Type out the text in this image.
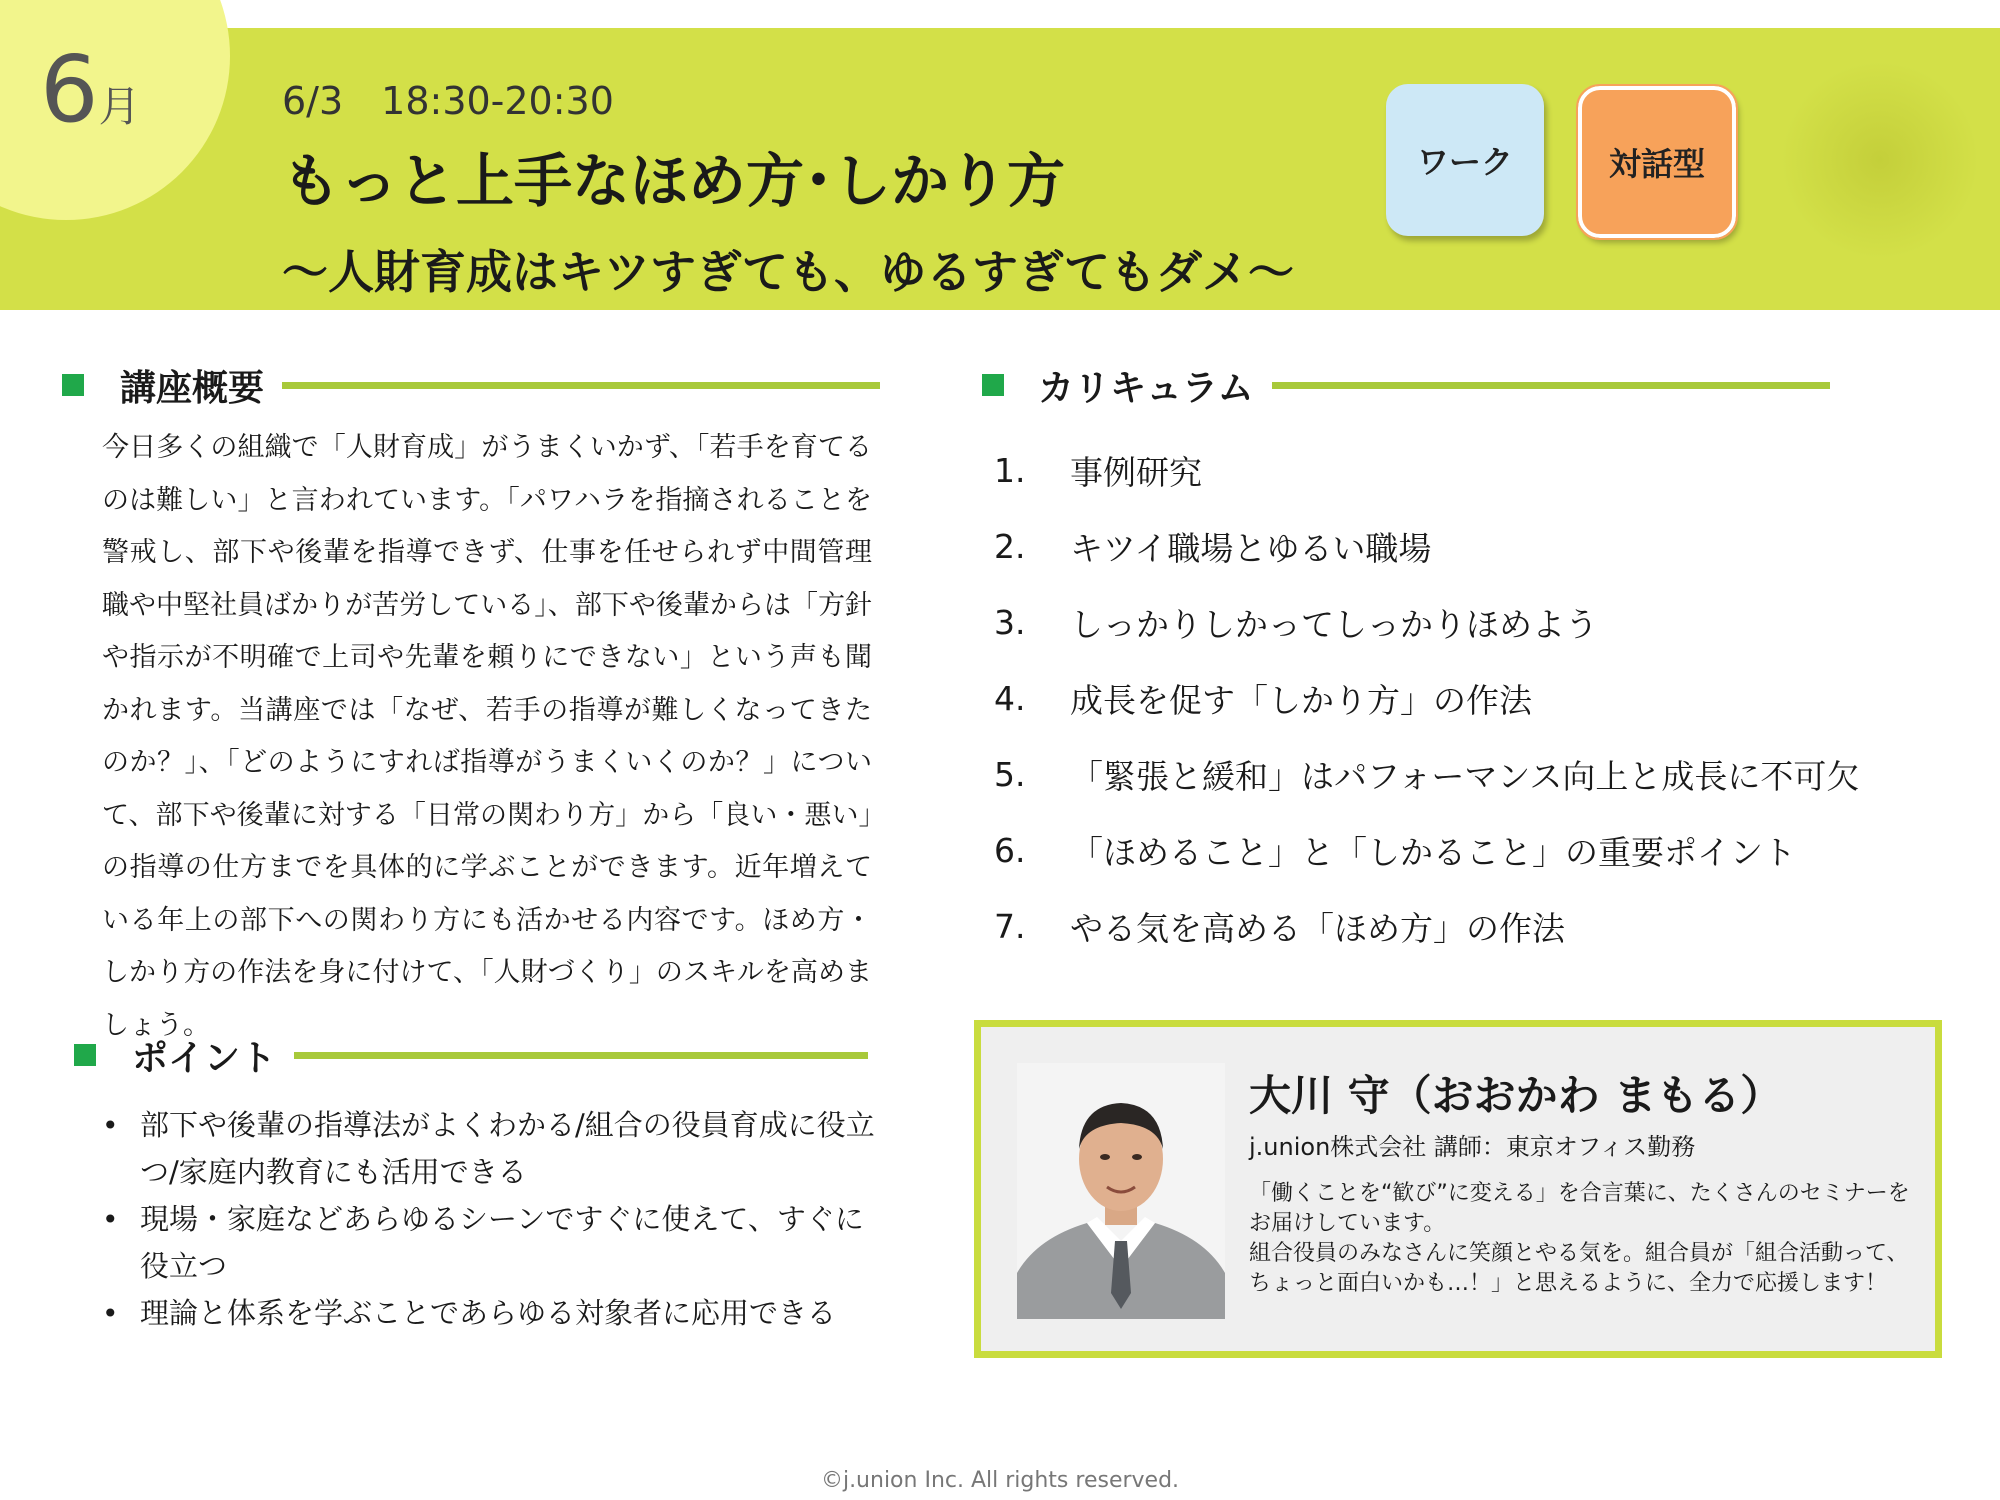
6月	6/3　18:30-20:30
もっと上手なほめ方･しかり方
～人財育成はキツすぎても、ゆるすぎてもダメ～
ワーク	対話型
講座概要
今日多くの組織で「人財育成」がうまくいかず、「若手を育てるのは難しい」と言われています。「パワハラを指摘されることを警戒し、部下や後輩を指導できず、仕事を任せられず中間管理職や中堅社員ばかりが苦労している」、部下や後輩からは「方針や指示が不明確で上司や先輩を頼りにできない」という声も聞かれます。当講座では「なぜ、若手の指導が難しくなってきたのか？」、「どのようにすれば指導がうまくいくのか？」について、部下や後輩に対する「日常の関わり方」から「良い・悪い」の指導の仕方までを具体的に学ぶことができます。近年増えている年上の部下への関わり方にも活かせる内容です。ほめ方・しかり方の作法を身に付けて、「人財づくり」のスキルを高めましょう。
カリキュラム
1.	事例研究
2.	キツイ職場とゆるい職場
3.	しっかりしかってしっかりほめよう
4.	成長を促す「しかり方」の作法
5.	「緊張と緩和」はパフォーマンス向上と成長に不可欠
6.	「ほめること」と「しかること」の重要ポイント
7.	やる気を高める「ほめ方」の作法
ポイント
• 部下や後輩の指導法がよくわかる/組合の役員育成に役立つ/家庭内教育にも活用できる
• 現場・家庭などあらゆるシーンですぐに使えて、すぐに役立つ
• 理論と体系を学ぶことであらゆる対象者に応用できる
大川 守（おおかわ まもる）
j.union株式会社 講師：東京オフィス勤務
「働くことを“歓び”に変える」を合言葉に、たくさんのセミナーをお届けしています。
組合役員のみなさんに笑顔とやる気を。組合員が「組合活動って、ちょっと面白いかも…！」と思えるように、全力で応援します！
©j.union Inc. All rights reserved.
